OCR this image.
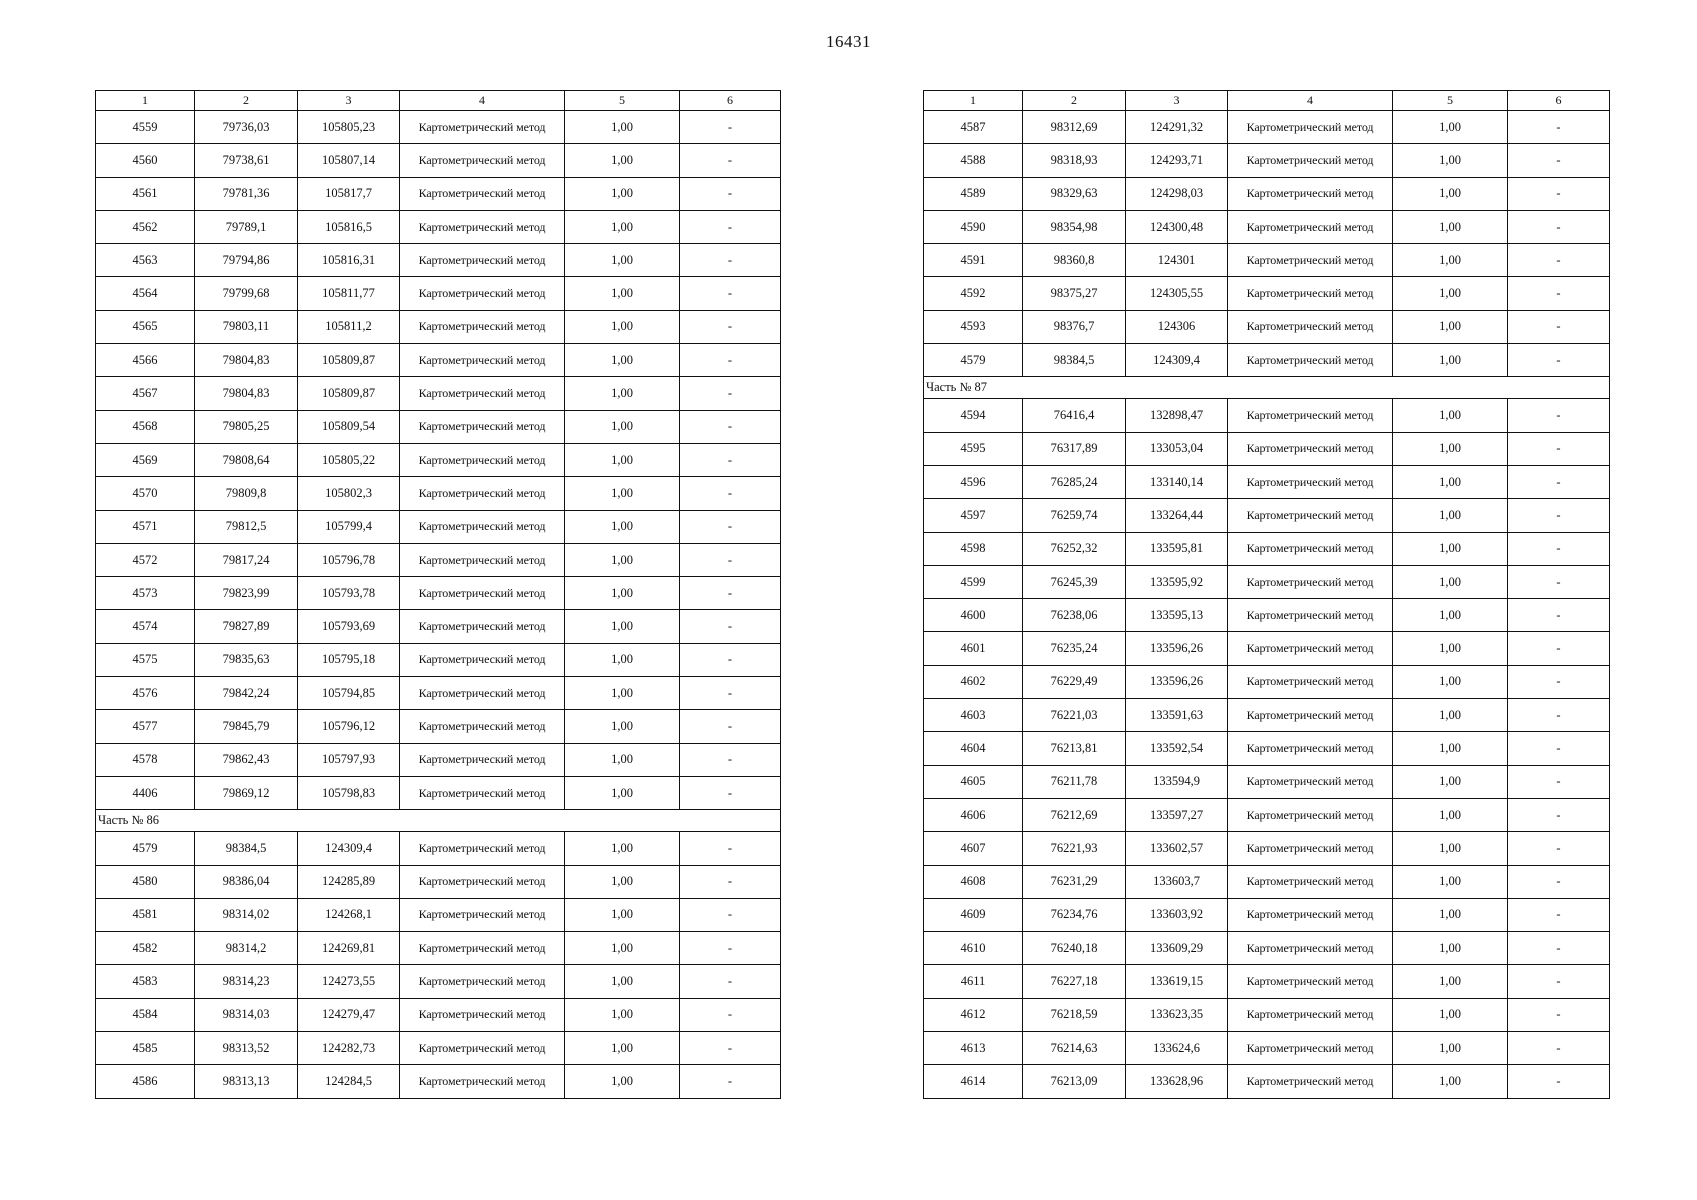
16431
1	2	3	4	5	6
4559	79736,03	105805,23	Картометрический метод	1,00	-
4560	79738,61	105807,14	Картометрический метод	1,00	-
4561	79781,36	105817,7	Картометрический метод	1,00	-
4562	79789,1	105816,5	Картометрический метод	1,00	-
4563	79794,86	105816,31	Картометрический метод	1,00	-
4564	79799,68	105811,77	Картометрический метод	1,00	-
4565	79803,11	105811,2	Картометрический метод	1,00	-
4566	79804,83	105809,87	Картометрический метод	1,00	-
4567	79804,83	105809,87	Картометрический метод	1,00	-
4568	79805,25	105809,54	Картометрический метод	1,00	-
4569	79808,64	105805,22	Картометрический метод	1,00	-
4570	79809,8	105802,3	Картометрический метод	1,00	-
4571	79812,5	105799,4	Картометрический метод	1,00	-
4572	79817,24	105796,78	Картометрический метод	1,00	-
4573	79823,99	105793,78	Картометрический метод	1,00	-
4574	79827,89	105793,69	Картометрический метод	1,00	-
4575	79835,63	105795,18	Картометрический метод	1,00	-
4576	79842,24	105794,85	Картометрический метод	1,00	-
4577	79845,79	105796,12	Картометрический метод	1,00	-
4578	79862,43	105797,93	Картометрический метод	1,00	-
4406	79869,12	105798,83	Картометрический метод	1,00	-
Часть № 86					
4579	98384,5	124309,4	Картометрический метод	1,00	-
4580	98386,04	124285,89	Картометрический метод	1,00	-
4581	98314,02	124268,1	Картометрический метод	1,00	-
4582	98314,2	124269,81	Картометрический метод	1,00	-
4583	98314,23	124273,55	Картометрический метод	1,00	-
4584	98314,03	124279,47	Картометрический метод	1,00	-
4585	98313,52	124282,73	Картометрический метод	1,00	-
4586	98313,13	124284,5	Картометрический метод	1,00	-
1	2	3	4	5	6
4587	98312,69	124291,32	Картометрический метод	1,00	-
4588	98318,93	124293,71	Картометрический метод	1,00	-
4589	98329,63	124298,03	Картометрический метод	1,00	-
4590	98354,98	124300,48	Картометрический метод	1,00	-
4591	98360,8	124301	Картометрический метод	1,00	-
4592	98375,27	124305,55	Картометрический метод	1,00	-
4593	98376,7	124306	Картометрический метод	1,00	-
4579	98384,5	124309,4	Картометрический метод	1,00	-
Часть № 87					
4594	76416,4	132898,47	Картометрический метод	1,00	-
4595	76317,89	133053,04	Картометрический метод	1,00	-
4596	76285,24	133140,14	Картометрический метод	1,00	-
4597	76259,74	133264,44	Картометрический метод	1,00	-
4598	76252,32	133595,81	Картометрический метод	1,00	-
4599	76245,39	133595,92	Картометрический метод	1,00	-
4600	76238,06	133595,13	Картометрический метод	1,00	-
4601	76235,24	133596,26	Картометрический метод	1,00	-
4602	76229,49	133596,26	Картометрический метод	1,00	-
4603	76221,03	133591,63	Картометрический метод	1,00	-
4604	76213,81	133592,54	Картометрический метод	1,00	-
4605	76211,78	133594,9	Картометрический метод	1,00	-
4606	76212,69	133597,27	Картометрический метод	1,00	-
4607	76221,93	133602,57	Картометрический метод	1,00	-
4608	76231,29	133603,7	Картометрический метод	1,00	-
4609	76234,76	133603,92	Картометрический метод	1,00	-
4610	76240,18	133609,29	Картометрический метод	1,00	-
4611	76227,18	133619,15	Картометрический метод	1,00	-
4612	76218,59	133623,35	Картометрический метод	1,00	-
4613	76214,63	133624,6	Картометрический метод	1,00	-
4614	76213,09	133628,96	Картометрический метод	1,00	-
